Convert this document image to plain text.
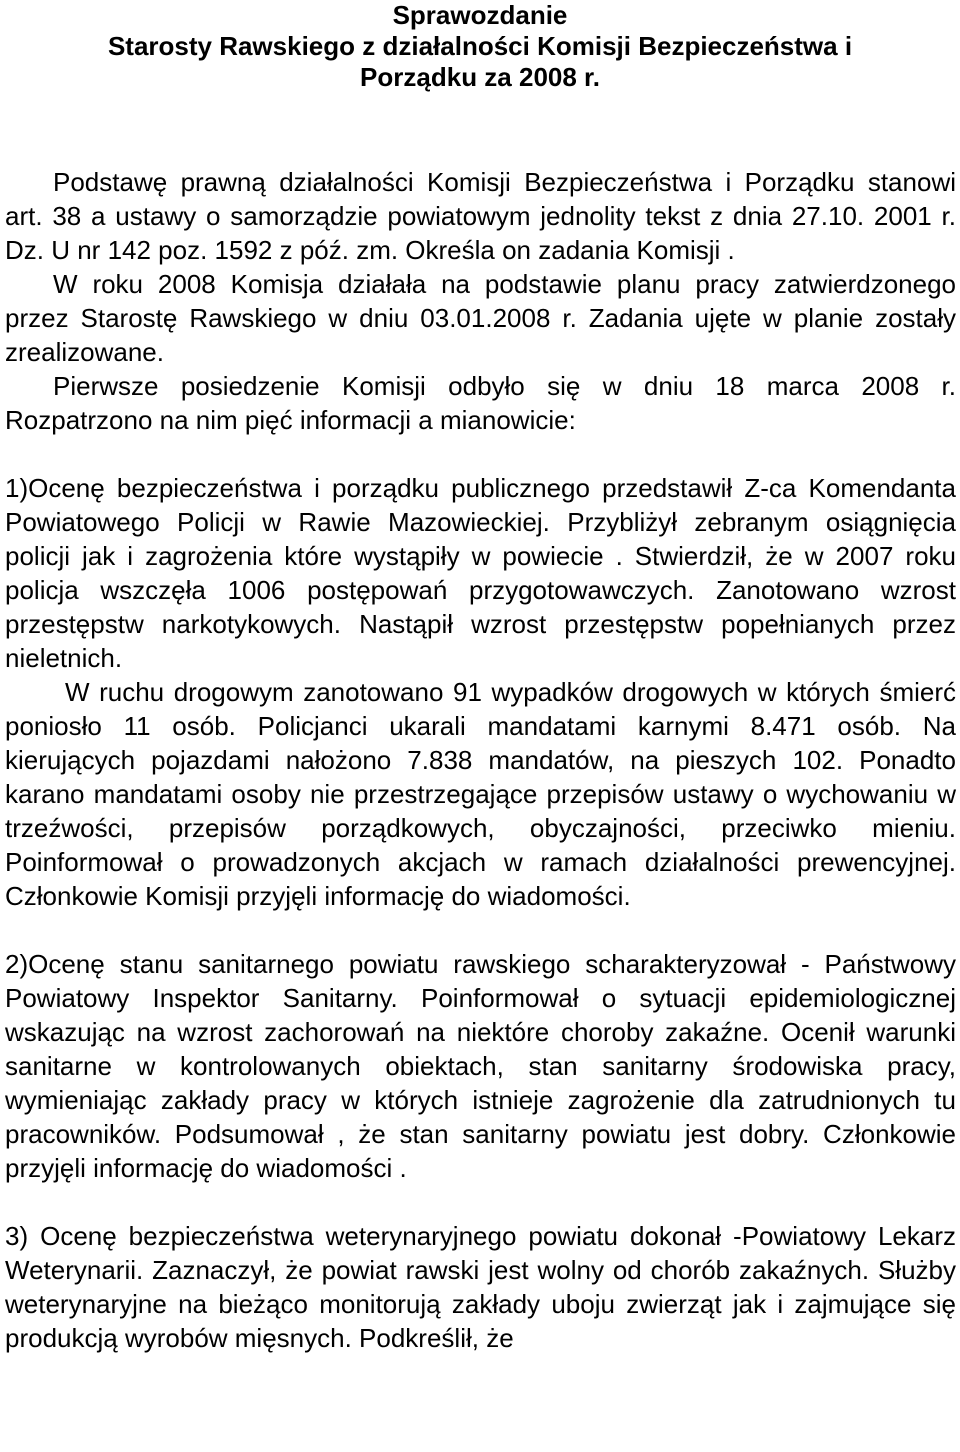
Sprawozdanie
Starosty Rawskiego z działalności Komisji Bezpieczeństwa i
Porządku za 2008 r.

Podstawę prawną działalności Komisji Bezpieczeństwa i Porządku stanowi art. 38 a ustawy o samorządzie powiatowym jednolity tekst z dnia 27.10. 2001 r. Dz. U nr 142 poz. 1592 z póź. zm. Określa on zadania Komisji .

W roku 2008 Komisja działała na podstawie planu pracy zatwierdzonego przez Starostę Rawskiego w dniu 03.01.2008 r. Zadania ujęte w planie zostały zrealizowane.

Pierwsze posiedzenie Komisji odbyło się w dniu 18 marca 2008 r. Rozpatrzono na nim pięć informacji a mianowicie:

1)Ocenę bezpieczeństwa i porządku publicznego przedstawił Z-ca Komendanta Powiatowego Policji w Rawie Mazowieckiej. Przybliżył zebranym osiągnięcia policji jak i zagrożenia które wystąpiły w powiecie . Stwierdził, że w 2007 roku policja wszczęła 1006 postępowań przygotowawczych. Zanotowano wzrost przestępstw narkotykowych. Nastąpił wzrost przestępstw popełnianych przez nieletnich.

W ruchu drogowym zanotowano 91 wypadków drogowych w których śmierć poniosło 11 osób. Policjanci ukarali mandatami karnymi 8.471 osób. Na kierujących pojazdami nałożono 7.838 mandatów, na pieszych 102. Ponadto karano mandatami osoby nie przestrzegające przepisów ustawy o wychowaniu w trzeźwości, przepisów porządkowych, obyczajności, przeciwko mieniu. Poinformował o prowadzonych akcjach w ramach działalności prewencyjnej. Członkowie Komisji przyjęli informację do wiadomości.

2)Ocenę stanu sanitarnego powiatu rawskiego scharakteryzował - Państwowy Powiatowy Inspektor Sanitarny. Poinformował o sytuacji epidemiologicznej wskazując na wzrost zachorowań na niektóre choroby zakaźne. Ocenił warunki sanitarne w kontrolowanych obiektach, stan sanitarny środowiska pracy, wymieniając zakłady pracy w których istnieje zagrożenie dla zatrudnionych tu pracowników. Podsumował , że stan sanitarny powiatu jest dobry. Członkowie przyjęli informację do wiadomości .

3) Ocenę bezpieczeństwa weterynaryjnego powiatu dokonał -Powiatowy Lekarz Weterynarii. Zaznaczył, że powiat rawski jest wolny od chorób zakaźnych. Służby weterynaryjne na bieżąco monitorują zakłady uboju zwierząt jak i zajmujące się produkcją wyrobów mięsnych. Podkreślił, że
